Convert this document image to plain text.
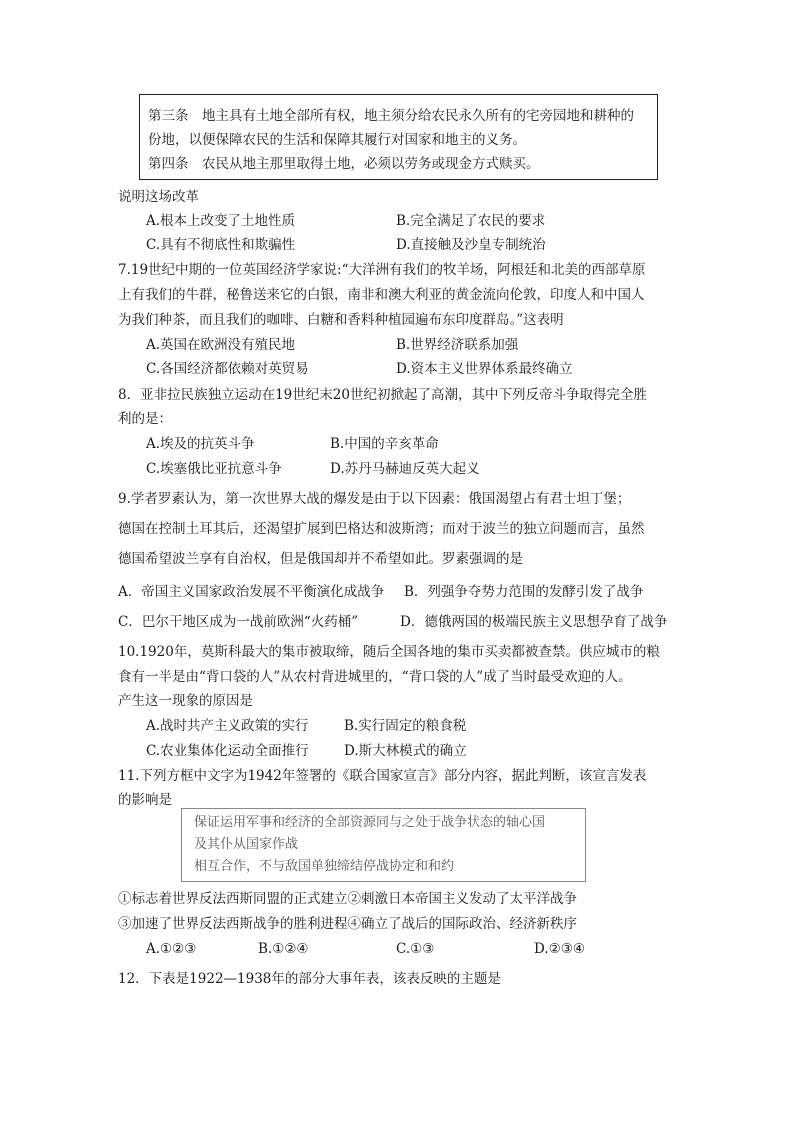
第三条　地主具有土地全部所有权，地主须分给农民永久所有的宅旁园地和耕种的
份地，以便保障农民的生活和保障其履行对国家和地主的义务。
第四条　农民从地主那里取得土地，必须以劳务或现金方式赎买。
说明这场改革
A.根本上改变了土地性质	B.完全满足了农民的要求
C.具有不彻底性和欺骗性	D.直接触及沙皇专制统治
7.19世纪中期的一位英国经济学家说:“大洋洲有我们的牧羊场，阿根廷和北美的西部草原
上有我们的牛群，秘鲁送来它的白银，南非和澳大利亚的黄金流向伦敦，印度人和中国人
为我们种茶，而且我们的咖啡、白糖和香料种植园遍布东印度群岛。”这表明
A.英国在欧洲没有殖民地	B.世界经济联系加强
C.各国经济都依赖对英贸易	D.资本主义世界体系最终确立
8．亚非拉民族独立运动在19世纪末20世纪初掀起了高潮，其中下列反帝斗争取得完全胜
利的是：
A.埃及的抗英斗争	B.中国的辛亥革命
C.埃塞俄比亚抗意斗争	D.苏丹马赫迪反英大起义
9.学者罗素认为，第一次世界大战的爆发是由于以下因素：俄国渴望占有君士坦丁堡；
德国在控制土耳其后，还渴望扩展到巴格达和波斯湾；而对于波兰的独立问题而言，虽然
德国希望波兰享有自治权，但是俄国却并不希望如此。罗素强调的是
A．帝国主义国家政治发展不平衡演化成战争 B．列强争夺势力范围的发酵引发了战争
C．巴尔干地区成为一战前欧洲“火药桶”	D．德俄两国的极端民族主义思想孕育了战争
10.1920年，莫斯科最大的集市被取缔，随后全国各地的集市买卖都被查禁。供应城市的粮
食有一半是由“背口袋的人”从农村背进城里的，“背口袋的人”成了当时最受欢迎的人。
产生这一现象的原因是
A.战时共产主义政策的实行	B.实行固定的粮食税
C.农业集体化运动全面推行	D.斯大林模式的确立
11.下列方框中文字为1942年签署的《联合国家宣言》部分内容，据此判断，该宣言发表
的影响是
保证运用军事和经济的全部资源同与之处于战争状态的轴心国
及其仆从国家作战
相互合作，不与敌国单独缔结停战协定和和约
①标志着世界反法西斯同盟的正式建立②刺激日本帝国主义发动了太平洋战争
③加速了世界反法西斯战争的胜利进程④确立了战后的国际政治、经济新秩序
A.①②③	B.①②④	C.①③	D.②③④
12．下表是1922—1938年的部分大事年表，该表反映的主题是
